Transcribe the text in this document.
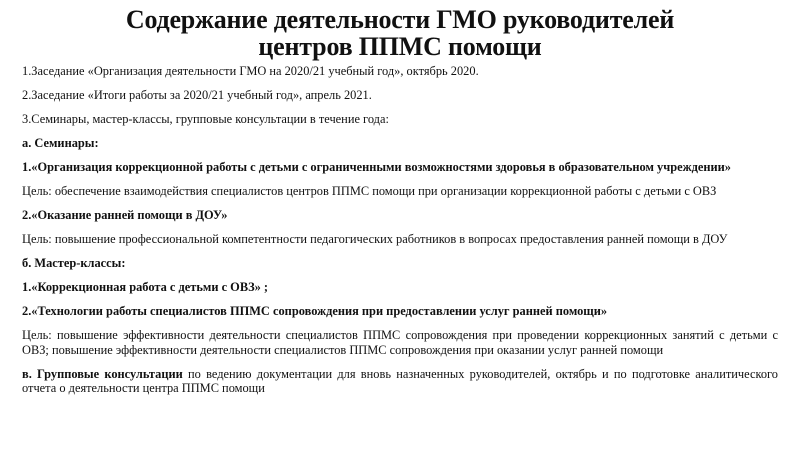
Содержание деятельности ГМО руководителей
центров ППМС помощи

1.Заседание «Организация деятельности ГМО на 2020/21 учебный год», октябрь 2020.

2.Заседание «Итоги работы за 2020/21 учебный год», апрель 2021.

3.Семинары, мастер-классы, групповые консультации в течение года:

а. Семинары:

1.«Организация коррекционной работы с детьми с ограниченными возможностями здоровья в образовательном учреждении»

Цель: обеспечение взаимодействия специалистов центров ППМС помощи при организации коррекционной работы с детьми с ОВЗ

2.«Оказание ранней помощи в ДОУ»

Цель: повышение профессиональной компетентности педагогических работников в вопросах предоставления ранней помощи в ДОУ

б. Мастер-классы:

1.«Коррекционная работа с детьми с ОВЗ» ;

2.«Технологии работы специалистов ППМС сопровождения при предоставлении услуг ранней помощи»

Цель: повышение эффективности деятельности специалистов ППМС сопровождения при проведении коррекционных занятий с детьми с ОВЗ; повышение эффективности деятельности специалистов ППМС сопровождения при оказании услуг ранней помощи

в. Групповые консультации по ведению документации для вновь назначенных руководителей, октябрь и по подготовке аналитического отчета о деятельности центра ППМС помощи
